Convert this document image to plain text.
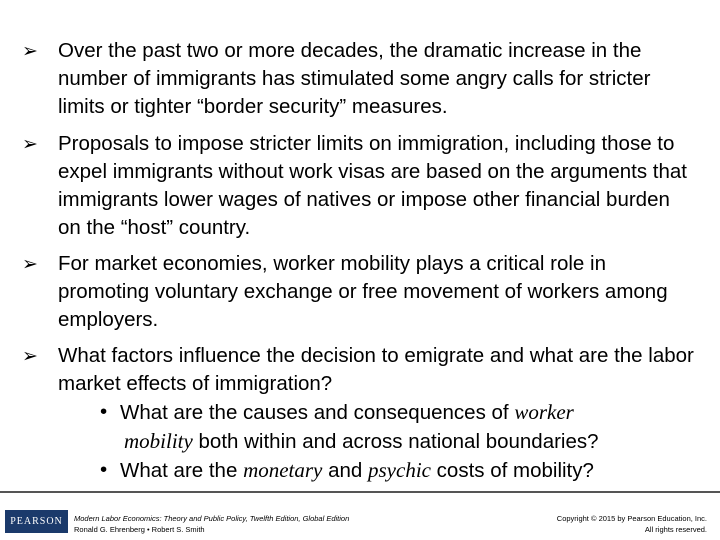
➢ Over the past two or more decades, the dramatic increase in the number of immigrants has stimulated some angry calls for stricter limits or tighter “border security” measures.
➢ Proposals to impose stricter limits on immigration, including those to expel immigrants without work visas are based on the arguments that immigrants lower wages of natives or impose other financial burden on the “host” country.
➢ For market economies, worker mobility plays a critical role in promoting voluntary exchange or free movement of workers among employers.
➢ What factors influence the decision to emigrate and what are the labor market effects of immigration?
• What are the causes and consequences of worker
mobility both within and across national boundaries?
• What are the monetary and psychic costs of mobility?
PEARSON	Modern Labor Economics: Theory and Public Policy, Twelfth Edition, Global Edition
Ronald G. Ehrenberg • Robert S. Smith
Copyright © 2015 by Pearson Education, Inc.
All rights reserved.
